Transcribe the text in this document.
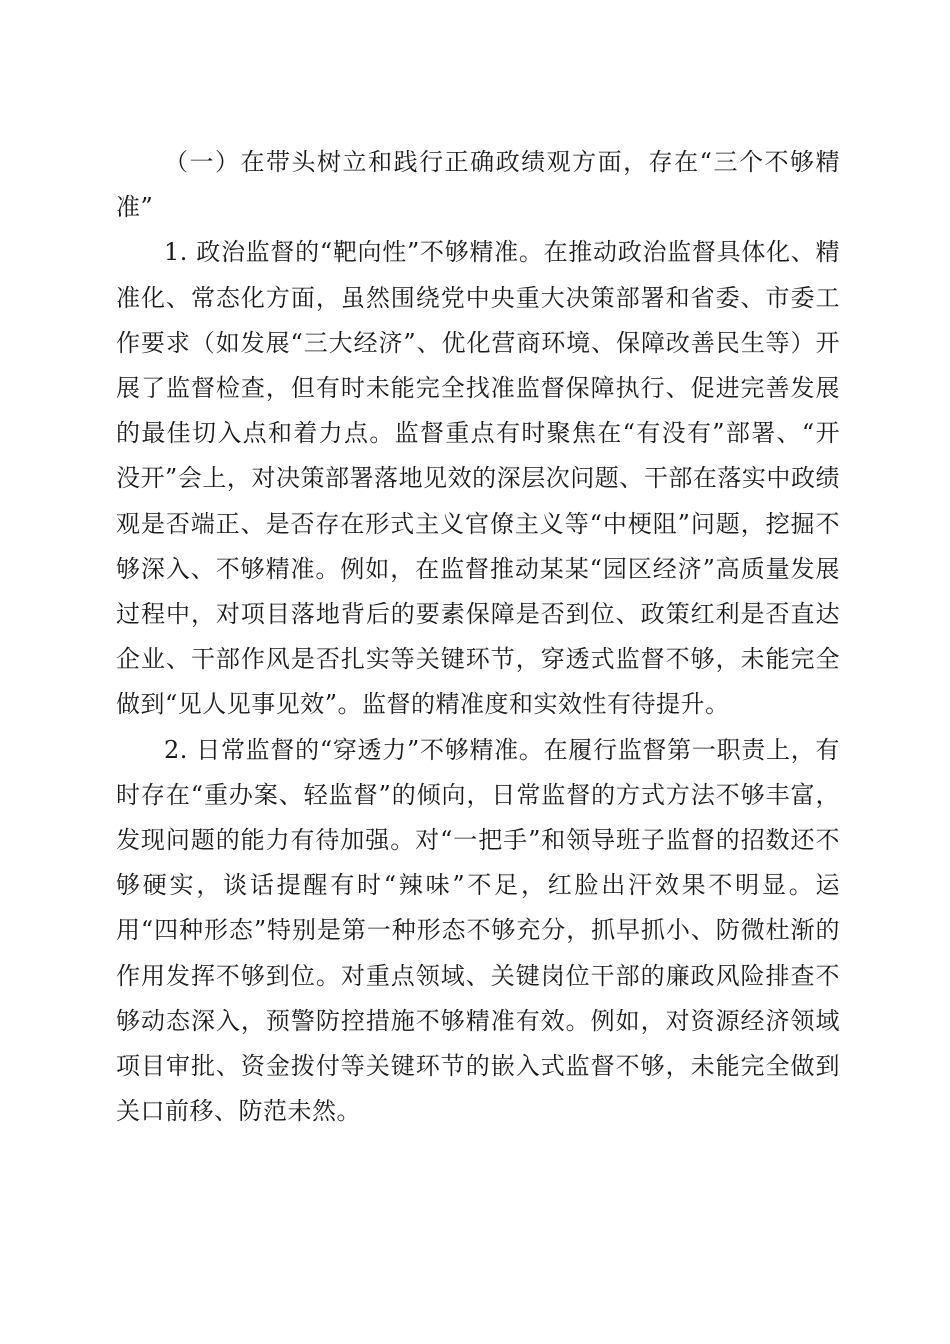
（一）在带头树立和践行正确政绩观方面，存在“三个不够精准”

1. 政治监督的“靶向性”不够精准。在推动政治监督具体化、精准化、常态化方面，虽然围绕党中央重大决策部署和省委、市委工作要求（如发展“三大经济”、优化营商环境、保障改善民生等）开展了监督检查，但有时未能完全找准监督保障执行、促进完善发展的最佳切入点和着力点。监督重点有时聚焦在“有没有”部署、“开没开”会上，对决策部署落地见效的深层次问题、干部在落实中政绩观是否端正、是否存在形式主义官僚主义等“中梗阻”问题，挖掘不够深入、不够精准。例如，在监督推动某某“园区经济”高质量发展过程中，对项目落地背后的要素保障是否到位、政策红利是否直达企业、干部作风是否扎实等关键环节，穿透式监督不够，未能完全做到“见人见事见效”。监督的精准度和实效性有待提升。

2. 日常监督的“穿透力”不够精准。在履行监督第一职责上，有时存在“重办案、轻监督”的倾向，日常监督的方式方法不够丰富，发现问题的能力有待加强。对“一把手”和领导班子监督的招数还不够硬实，谈话提醒有时“辣味”不足，红脸出汗效果不明显。运用“四种形态”特别是第一种形态不够充分，抓早抓小、防微杜渐的作用发挥不够到位。对重点领域、关键岗位干部的廉政风险排查不够动态深入，预警防控措施不够精准有效。例如，对资源经济领域项目审批、资金拨付等关键环节的嵌入式监督不够，未能完全做到关口前移、防范未然。
